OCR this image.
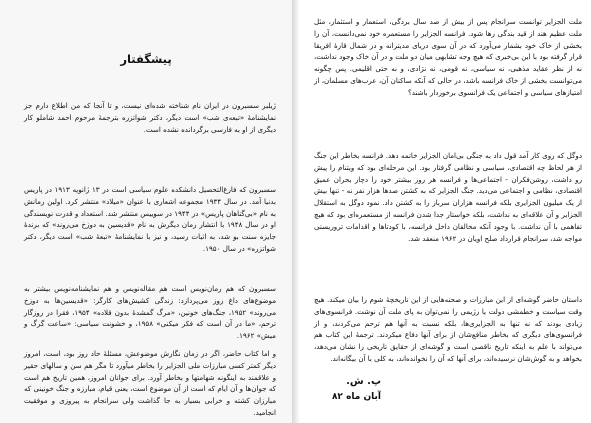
پیشگفتار

ژیلبر سسبرون در ایران نام شناخته شده‌ای نیست، و تا آنجا که من اطلاع دارم جز نمایشنامهٔ «تبعه‌ی شب» است دیگر، دکتر شواتزره بترجمهٔ مرحوم احمد شاملو کار دیگری از او به فارسی برگردانده نشده است.

سسبرون که فارغ‌التحصیل دانشکده علوم سیاسی است در ۱۳ ژانویه ۱۹۱۳ در پاریس بدنیا آمد. در سال ۱۹۳۴ مجموعه اشعاری با عنوان «میلاد» منتشر کرد. اولین رمانش به نام «بی‌گناهان پاریس» در ۱۹۴۴ در سوییس منتشر شد. استعداد و قدرت نویسندگی او در سال ۱۹۴۸ با انتشار رمان دیگرش به نام «قدیسین به دوزخ می‌روند» که برندهٔ جایزه سنت بو شد، به اثبات رسید، و نیز با نمایشنامهٔ «تبعهٔ شب» است دیگر، دکتر شواتزره» در سال ۱۹۵۰.

سسبرون که هم رمان‌نویس است هم مقاله‌نویس و هم نمایشنامه‌نویس بیشتر به موضوع‌های داغ روز می‌پردازد: زندگی کشیش‌های کارگر: «قدیسین‌ها به دوزخ می‌روند» ۱۹۵۲، جنگ‌های خونین، «مرگ گمشدهٔ بدون قلاده» ۱۹۵۴، فقرا در روزگار ترحم، «ما در آن است که فکر میکنی» ۱۹۵۸، و خشونت سیاسی: «ساعت گرگ و میش» ۱۹۶۲.

و اما کتاب حاضر، اگر در زمان نگارش موضوعش، مسئلهٔ حاد روز بود، است، امروز دیگر کمتر کسی مبارزات ملی الجزایر را بخاطر میآورد تا مگر هم سن و سالهای حقیر و علاقمند به اینگونه شهامتها و بخاطر آورد. برای جوانان امروز، همین تاریخ هم است که جوان‌ها و آن ایام که است از آن موضوع است، یعنی قیام، مبارزه و جنگ خونینی که مبارزان کشته و خرابی بسیار به جا گذاشت ولی سرانجام به پیروزی و موفقیت انجامید.

ملت الجزایر توانست سرانجام پس از بیش از صد سال بردگی، استعمار و استثمار، مثل ملت عظیم هند از قید بندگی رها شود. فرانسه الجزایر را مستعمره خود نمی‌دانست، آن را بخشی از خاک خود بشمار می‌آورد که در آن سوی دریای مدیترانه و در شمال قارهٔ افریقا قرار گرفته بود با این بی‌خبری که هیچ وجه تشابهی میان دو ملت و در آن خاک وجود نداشت، نه از نظر عقاید مذهبی، نه سیاسی، نه قومی، نه نژادی، و نه حتی اقلیمی. پس چگونه می‌توانست بخشی از خاک فرانسه باشد، در حالی که آنکه ساکنان آن، عرب‌های مسلمان، از امتیازهای سیاسی و اجتماعی یک فرانسوی برخوردار باشند؟

دوگل که روی کار آمد قول داد به جنگی بی‌امان الجزایر خاتمه دهد. فرانسه بخاطر این جنگ از هر لحاظ چه اقتصادی، سیاسی و نظامی گرفتار بود. این مرحله‌ای بود که ویتنام را پیش رو داشت، روشن‌فکران - اجتماعی‌ها و فرانسه هر روز بیشتر خود را دچار بحران عمیق اقتصادی، نظامی و اجتماعی می‌دید. جنگ الجزایر که به کشتن صدها هزار نفر نه - تنها بیش از یک میلیون الجزایری بلکه فرانسه هزاران سرباز را به کشتن داد. نمود دوگل به استقلال الجزایر و آن علاقه‌ای به نداشت، بلکه خواستار جدا شدن فرانسه از مستعمره‌ای بود که هیچ تفاهمی با آن نداشت. با وجود آنکه مخالفان داخل فرانسه، با کودتاها و اقدامات تروریستی مواجه شد، سرانجام قرارداد صلح اویان در ۱۹۶۲ منعقد شد.

داستان حاضر گوشه‌ای از این مبارزات و صحنه‌هایی از این تاریخچهٔ شوم را بیان میکند. هیچ وقت سیاست و خطمشی دولت یا رژیمی را نمی‌توان به پای ملت آن نوشت. فرانسوی‌های زیادی بودند که نه تنها به الجزایری‌ها، بلکه نسبت به آنها هم ترحم می‌کردند، و از فرانسوی‌های دیگری که بخاطر منافع‌شان از برای آنها دفاع میکردند. ترجمهٔ این کتاب هم می‌تواند با علم به اینکه تاریخ ناقصی است و گوشه‌ای از حقایق تاریخی را نشان می‌دهد، بخواهد و به گوش‌شان نرسیده‌اند، برای آنها که آن را نخوانده‌اند، به کلی با آن بیگانه‌اند.

پ. ش.

آبان ماه ۸۲
